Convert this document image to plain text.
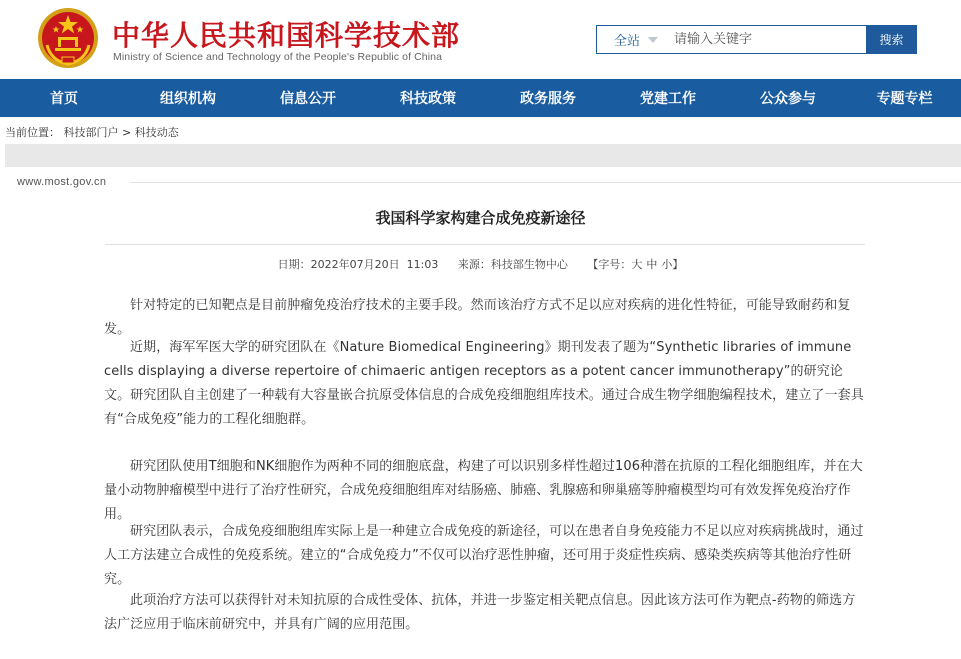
中华人民共和国科学技术部
Ministry of Science and Technology of the People's Republic of China
全站
请输入关键字	搜索
首页	组织机构	信息公开	科技政策	政务服务	党建工作	公众参与	专题专栏
当前位置： 科技部门户 > 科技动态
www.most.gov.cn
我国科学家构建合成免疫新途径
日期：2022年07月20日  11:03 来源：科技部生物中心 【字号：大 中 小】

针对特定的已知靶点是目前肿瘤免疫治疗技术的主要手段。然而该治疗方式不足以应对疾病的进化性特征，可能导致耐药和复发。

近期，海军军医大学的研究团队在《Nature Biomedical Engineering》期刊发表了题为“Synthetic libraries of immune cells displaying a diverse repertoire of chimaeric antigen receptors as a potent cancer immunotherapy”的研究论文。研究团队自主创建了一种载有大容量嵌合抗原受体信息的合成免疫细胞组库技术。通过合成生物学细胞编程技术，建立了一套具有“合成免疫”能力的工程化细胞群。

研究团队使用T细胞和NK细胞作为两种不同的细胞底盘，构建了可以识别多样性超过106种潜在抗原的工程化细胞组库，并在大量小动物肿瘤模型中进行了治疗性研究，合成免疫细胞组库对结肠癌、肺癌、乳腺癌和卵巢癌等肿瘤模型均可有效发挥免疫治疗作用。

研究团队表示，合成免疫细胞组库实际上是一种建立合成免疫的新途径，可以在患者自身免疫能力不足以应对疾病挑战时，通过人工方法建立合成性的免疫系统。建立的“合成免疫力”不仅可以治疗恶性肿瘤，还可用于炎症性疾病、感染类疾病等其他治疗性研究。

此项治疗方法可以获得针对未知抗原的合成性受体、抗体，并进一步鉴定相关靶点信息。因此该方法可作为靶点-药物的筛选方法广泛应用于临床前研究中，并具有广阔的应用范围。
